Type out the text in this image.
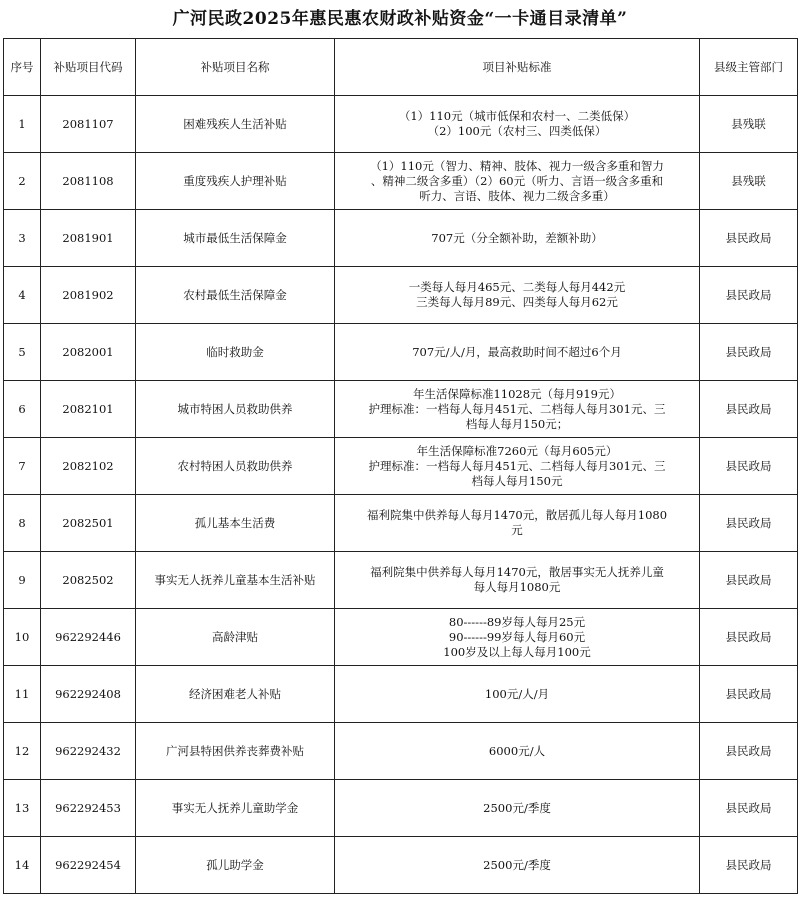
广河民政2025年惠民惠农财政补贴资金“一卡通目录清单”
序号	补贴项目代码	补贴项目名称	项目补贴标准	县级主管部门
1	2081107	困难残疾人生活补贴	（1）110元（城市低保和农村一、二类低保）
（2）100元（农村三、四类低保）	县残联
2	2081108	重度残疾人护理补贴	（1）110元（智力、精神、肢体、视力一级含多重和智力
、精神二级含多重）（2）60元（听力、言语一级含多重和
听力、言语、肢体、视力二级含多重）	县残联
3	2081901	城市最低生活保障金	707元（分全额补助，差额补助）	县民政局
4	2081902	农村最低生活保障金	一类每人每月465元、二类每人每月442元
三类每人每月89元、四类每人每月62元	县民政局
5	2082001	临时救助金	707元/人/月，最高救助时间不超过6个月	县民政局
6	2082101	城市特困人员救助供养	年生活保障标准11028元（每月919元）
护理标准：一档每人每月451元、二档每人每月301元、三
档每人每月150元；	县民政局
7	2082102	农村特困人员救助供养	年生活保障标准7260元（每月605元）
护理标准：一档每人每月451元、二档每人每月301元、三
档每人每月150元	县民政局
8	2082501	孤儿基本生活费	福利院集中供养每人每月1470元，散居孤儿每人每月1080
元	县民政局
9	2082502	事实无人抚养儿童基本生活补贴	福利院集中供养每人每月1470元，散居事实无人抚养儿童
每人每月1080元	县民政局
10	962292446	高龄津贴	80------89岁每人每月25元
90------99岁每人每月60元
100岁及以上每人每月100元	县民政局
11	962292408	经济困难老人补贴	100元/人/月	县民政局
12	962292432	广河县特困供养丧葬费补贴	6000元/人	县民政局
13	962292453	事实无人抚养儿童助学金	2500元/季度	县民政局
14	962292454	孤儿助学金	2500元/季度	县民政局
